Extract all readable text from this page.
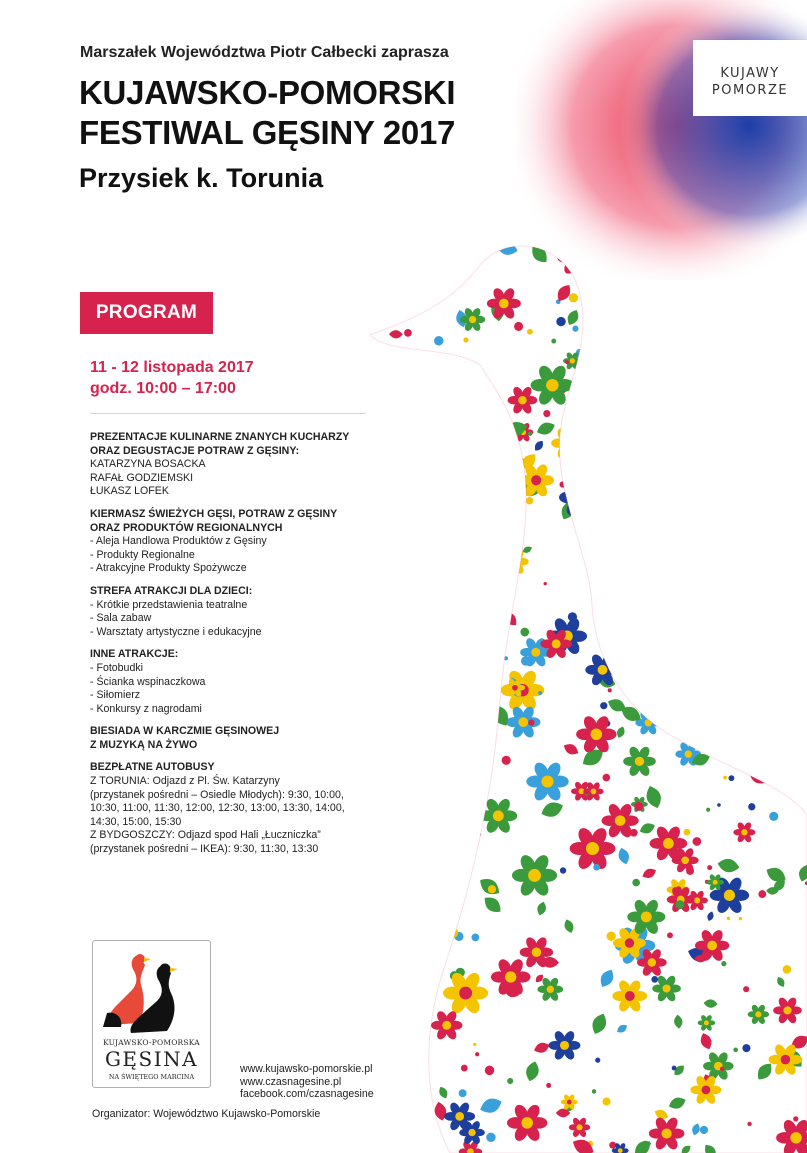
KUJAWY
POMORZE
Marszałek Województwa Piotr Całbecki zaprasza
KUJAWSKO-POMORSKI
FESTIWAL GĘSINY 2017
Przysiek k. Torunia
PROGRAM
11 - 12 listopada 2017
godz. 10:00 – 17:00
PREZENTACJE KULINARNE ZNANYCH KUCHARZY
ORAZ DEGUSTACJE POTRAW Z GĘSINY:
KATARZYNA BOSACKA
RAFAŁ GODZIEMSKI
ŁUKASZ LOFEK
KIERMASZ ŚWIEŻYCH GĘSI, POTRAW Z GĘSINY
ORAZ PRODUKTÓW REGIONALNYCH
- Aleja Handlowa Produktów z Gęsiny
- Produkty Regionalne
- Atrakcyjne Produkty Spożywcze
STREFA ATRAKCJI DLA DZIECI:
- Krótkie przedstawienia teatralne
- Sala zabaw
- Warsztaty artystyczne i edukacyjne
INNE ATRAKCJE:
- Fotobudki
- Ścianka wspinaczkowa
- Siłomierz
- Konkursy z nagrodami
BIESIADA W KARCZMIE GĘSINOWEJ
Z MUZYKĄ NA ŻYWO
BEZPŁATNE AUTOBUSY
Z TORUNIA: Odjazd z Pl. Św. Katarzyny
(przystanek pośredni – Osiedle Młodych): 9:30, 10:00,
10:30, 11:00, 11:30, 12:00, 12:30, 13:00, 13:30, 14:00,
14:30, 15:00, 15:30
Z BYDGOSZCZY: Odjazd spod Hali „Łuczniczka”
(przystanek pośredni – IKEA): 9:30, 11:30, 13:30
KUJAWSKO-POMORSKA
GĘSINA
NA ŚWIĘTEGO MARCINA
www.kujawsko-pomorskie.pl
www.czasnagesine.pl
facebook.com/czasnagesine
Organizator: Województwo Kujawsko-Pomorskie
